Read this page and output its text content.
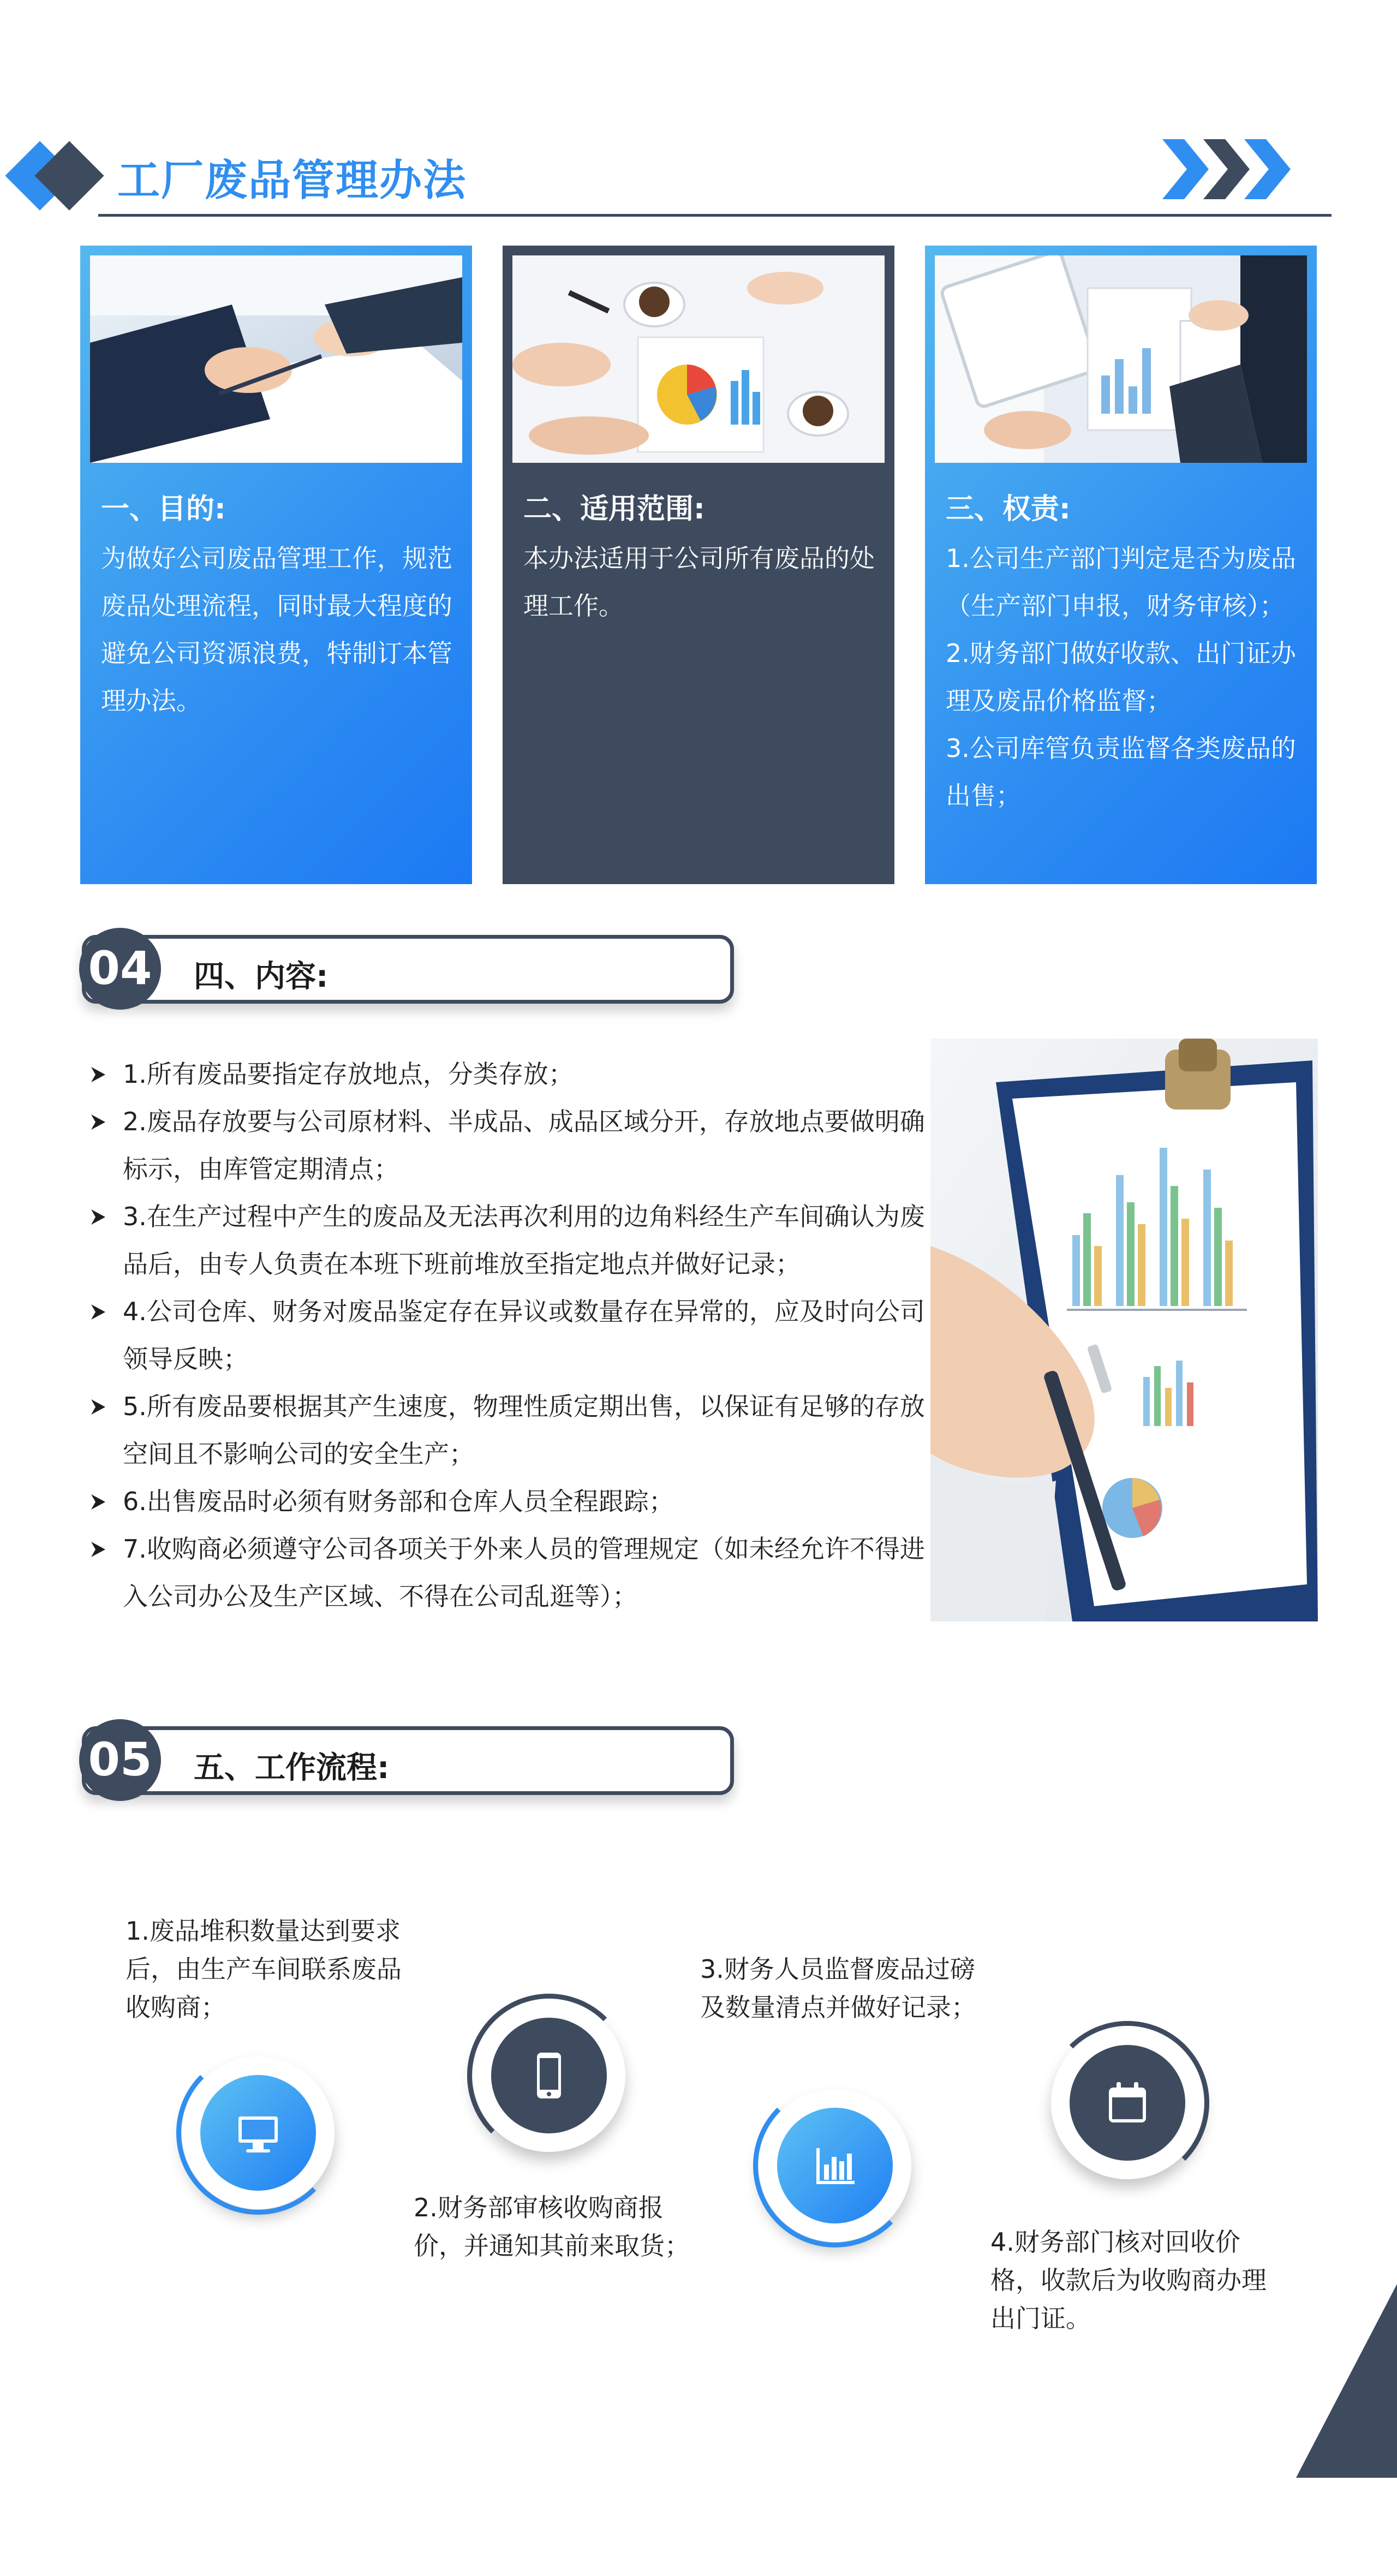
工厂废品管理办法
一、目的:
为做好公司废品管理工作，规范废品处理流程，同时最大程度的避免公司资源浪费，特制订本管理办法。
二、适用范围:
本办法适用于公司所有废品的处理工作。
三、权责:
1.公司生产部门判定是否为废品（生产部门申报，财务审核）；
2.财务部门做好收款、出门证办理及废品价格监督；
3.公司库管负责监督各类废品的出售；
04 四、内容:
1.所有废品要指定存放地点，分类存放；
2.废品存放要与公司原材料、半成品、成品区域分开，存放地点要做明确标示，由库管定期清点；
3.在生产过程中产生的废品及无法再次利用的边角料经生产车间确认为废品后，由专人负责在本班下班前堆放至指定地点并做好记录；
4.公司仓库、财务对废品鉴定存在异议或数量存在异常的，应及时向公司领导反映；
5.所有废品要根据其产生速度，物理性质定期出售，以保证有足够的存放空间且不影响公司的安全生产；
6.出售废品时必须有财务部和仓库人员全程跟踪；
7.收购商必须遵守公司各项关于外来人员的管理规定（如未经允许不得进入公司办公及生产区域、不得在公司乱逛等）；
05 五、工作流程:
1.废品堆积数量达到要求后，由生产车间联系废品收购商；
2.财务部审核收购商报价，并通知其前来取货；
3.财务人员监督废品过磅及数量清点并做好记录；
4.财务部门核对回收价格，收款后为收购商办理出门证。
